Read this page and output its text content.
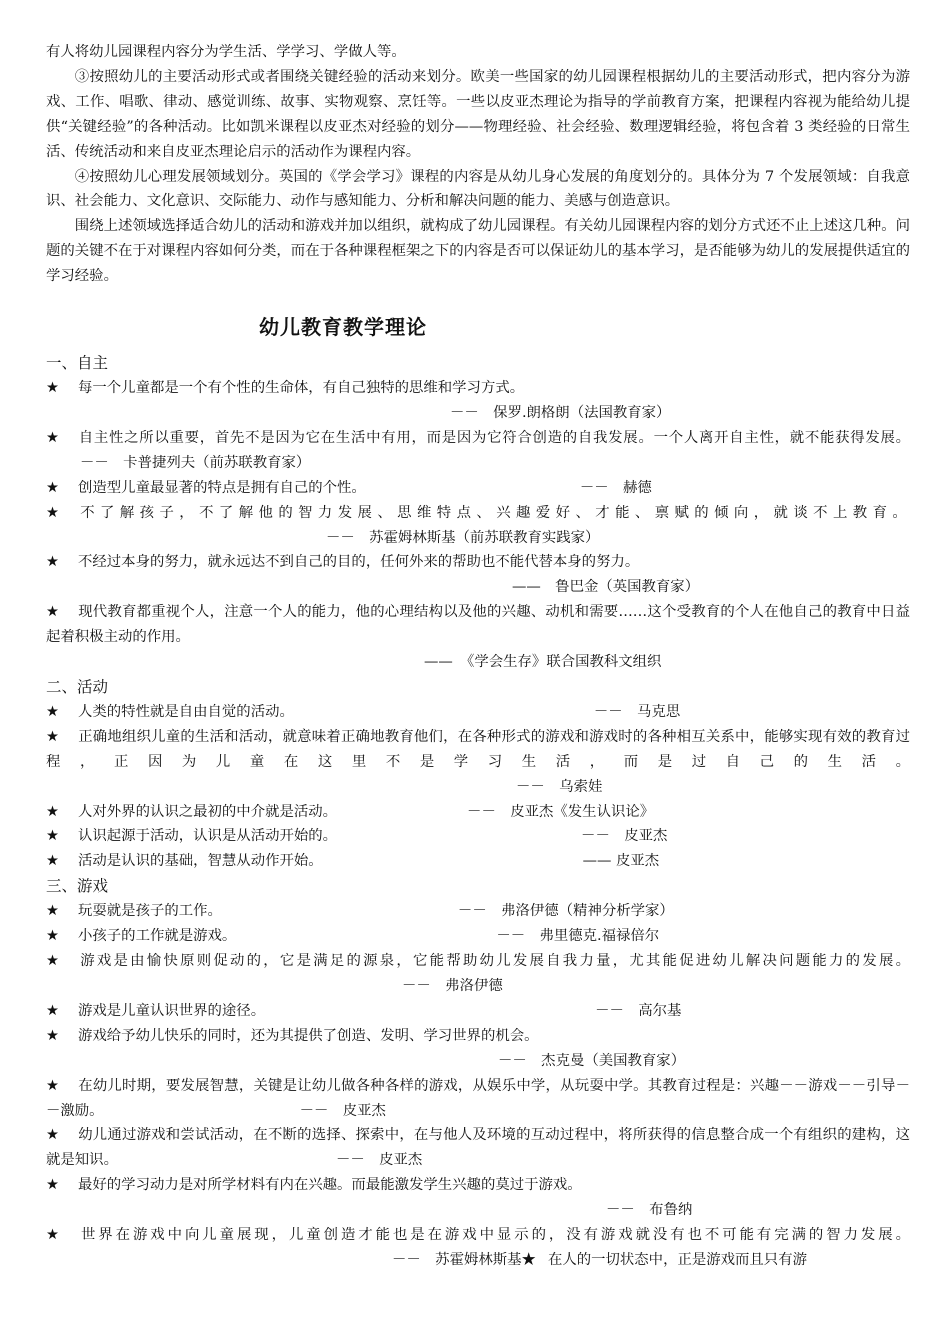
有人将幼儿园课程内容分为学生活、学学习、学做人等。

③按照幼儿的主要活动形式或者围绕关键经验的活动来划分。欧美一些国家的幼儿园课程根据幼儿的主要活动形式，把内容分为游戏、工作、唱歌、律动、感觉训练、故事、实物观察、烹饪等。一些以皮亚杰理论为指导的学前教育方案，把课程内容视为能给幼儿提供“关键经验”的各种活动。比如凯米课程以皮亚杰对经验的划分——物理经验、社会经验、数理逻辑经验，将包含着 3 类经验的日常生活、传统活动和来自皮亚杰理论启示的活动作为课程内容。

④按照幼儿心理发展领域划分。英国的《学会学习》课程的内容是从幼儿身心发展的角度划分的。具体分为 7 个发展领域：自我意识、社会能力、文化意识、交际能力、动作与感知能力、分析和解决问题的能力、美感与创造意识。

围绕上述领域选择适合幼儿的活动和游戏并加以组织，就构成了幼儿园课程。有关幼儿园课程内容的划分方式还不止上述这几种。问题的关键不在于对课程内容如何分类，而在于各种课程框架之下的内容是否可以保证幼儿的基本学习，是否能够为幼儿的发展提供适宜的学习经验。

幼儿教育教学理论

一、自主

★ 每一个儿童都是一个有个性的生命体，有自己独特的思维和学习方式。

－－　保罗.朗格朗（法国教育家）

★ 自主性之所以重要，首先不是因为它在生活中有用，而是因为它符合创造的自我发展。一个人离开自主性，就不能获得发展。－－　卡普捷列夫（前苏联教育家）

★ 创造型儿童最显著的特点是拥有自己的个性。	－－　赫德

★ 不了解孩子，不了解他的智力发展、思维特点、兴趣爱好、才能、禀赋的倾向，就谈不上教育。－－　苏霍姆林斯基（前苏联教育实践家）

★ 不经过本身的努力，就永远达不到自己的目的，任何外来的帮助也不能代替本身的努力。

——　鲁巴金（英国教育家）

★ 现代教育都重视个人，注意一个人的能力，他的心理结构以及他的兴趣、动机和需要……这个受教育的个人在他自己的教育中日益起着积极主动的作用。

——　《学会生存》联合国教科文组织

二、活动

★ 人类的特性就是自由自觉的活动。	－－　马克思

★ 正确地组织儿童的生活和活动，就意味着正确地教育他们，在各种形式的游戏和游戏时的各种相互关系中，能够实现有效的教育过程，正因为儿童在这里不是学习生活，而是过自己的生活。－－　乌索娃

★ 人对外界的认识之最初的中介就是活动。	－－　皮亚杰《发生认识论》

★ 认识起源于活动，认识是从活动开始的。	－－　皮亚杰

★ 活动是认识的基础，智慧从动作开始。	—— 皮亚杰

三、游戏

★ 玩耍就是孩子的工作。	－－　弗洛伊德（精神分析学家）

★ 小孩子的工作就是游戏。	－－　弗里德克.福禄倍尔

★ 游戏是由愉快原则促动的，它是满足的源泉，它能帮助幼儿发展自我力量，尤其能促进幼儿解决问题能力的发展。－－　弗洛伊德

★ 游戏是儿童认识世界的途径。	－－　高尔基

★ 游戏给予幼儿快乐的同时，还为其提供了创造、发明、学习世界的机会。

－－　杰克曼（美国教育家）

★ 在幼儿时期，要发展智慧，关键是让幼儿做各种各样的游戏，从娱乐中学，从玩耍中学。其教育过程是：兴趣－－游戏－－引导－－激励。	－－　皮亚杰

★ 幼儿通过游戏和尝试活动，在不断的选择、探索中，在与他人及环境的互动过程中，将所获得的信息整合成一个有组织的建构，这就是知识。	－－　皮亚杰

★ 最好的学习动力是对所学材料有内在兴趣。而最能激发学生兴趣的莫过于游戏。

－－　布鲁纳

★ 世界在游戏中向儿童展现，儿童创造才能也是在游戏中显示的，没有游戏就没有也不可能有完满的智力发展。－－　苏霍姆林斯基★ 在人的一切状态中，正是游戏而且只有游
